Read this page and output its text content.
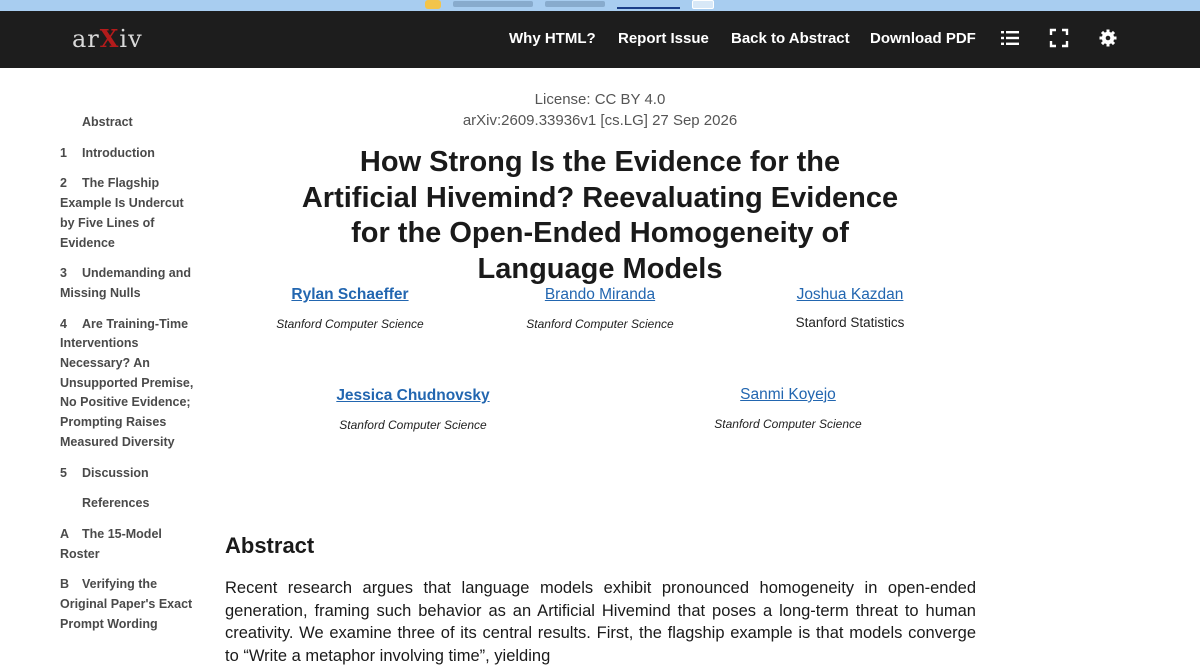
arXiv	Why HTML? Report Issue Back to Abstract Download PDF
Abstract
1 Introduction
2 The Flagship Example Is Undercut by Five Lines of Evidence
3 Undemanding and Missing Nulls
4 Are Training-Time Interventions Necessary? An Unsupported Premise, No Positive Evidence; Prompting Raises Measured Diversity
5 Discussion
References
A The 15-Model Roster
B Verifying the Original Paper's Exact Prompt Wording
License: CC BY 4.0
arXiv:2609.33936v1 [cs.LG] 27 Sep 2026
How Strong Is the Evidence for the Artificial Hivemind? Reevaluating Evidence for the Open-Ended Homogeneity of Language Models
Rylan Schaeffer
Stanford Computer Science
Brando Miranda
Stanford Computer Science
Joshua Kazdan
Stanford Statistics
Jessica Chudnovsky
Stanford Computer Science
Sanmi Koyejo
Stanford Computer Science
Abstract

Recent research argues that language models exhibit pronounced homogeneity in open-ended generation, framing such behavior as an Artificial Hivemind that poses a long-term threat to human creativity. We examine three of its central results. First, the flagship example is that models converge to “Write a metaphor involving time”, yielding
